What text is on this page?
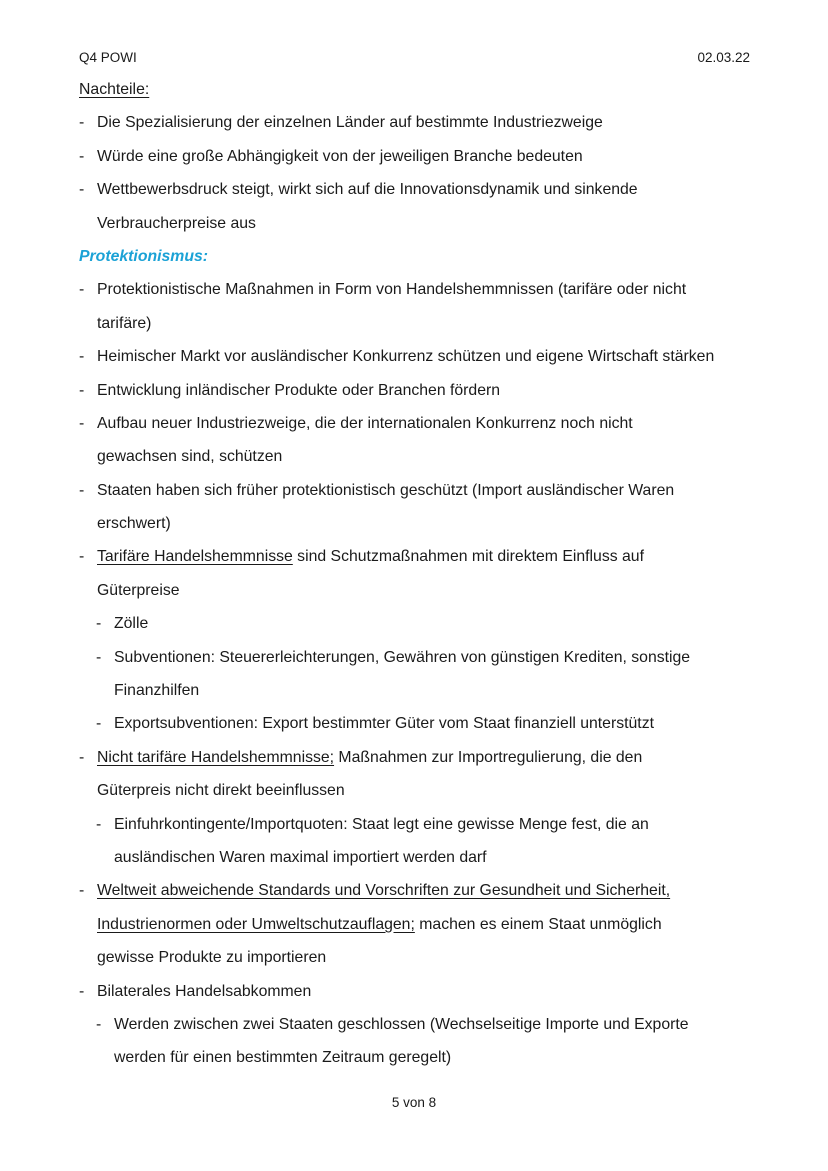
Q4 POWI	02.03.22
Nachteile:
- Die Spezialisierung der einzelnen Länder auf bestimmte Industriezweige
- Würde eine große Abhängigkeit von der jeweiligen Branche bedeuten
- Wettbewerbsdruck steigt, wirkt sich auf die Innovationsdynamik und sinkende
Verbraucherpreise aus
Protektionismus:
- Protektionistische Maßnahmen in Form von Handelshemmnissen (tarifäre oder nicht
tarifäre)
- Heimischer Markt vor ausländischer Konkurrenz schützen und eigene Wirtschaft stärken
- Entwicklung inländischer Produkte oder Branchen fördern
- Aufbau neuer Industriezweige, die der internationalen Konkurrenz noch nicht
gewachsen sind, schützen
- Staaten haben sich früher protektionistisch geschützt (Import ausländischer Waren
erschwert)
- Tarifäre Handelshemmnisse sind Schutzmaßnahmen mit direktem Einfluss auf
Güterpreise
- Zölle
- Subventionen: Steuererleichterungen, Gewähren von günstigen Krediten, sonstige
Finanzhilfen
- Exportsubventionen: Export bestimmter Güter vom Staat finanziell unterstützt
- Nicht tarifäre Handelshemmnisse; Maßnahmen zur Importregulierung, die den
Güterpreis nicht direkt beeinflussen
- Einfuhrkontingente/Importquoten: Staat legt eine gewisse Menge fest, die an
ausländischen Waren maximal importiert werden darf
- Weltweit abweichende Standards und Vorschriften zur Gesundheit und Sicherheit,
Industrienormen oder Umweltschutzauflagen; machen es einem Staat unmöglich
gewisse Produkte zu importieren
- Bilaterales Handelsabkommen
- Werden zwischen zwei Staaten geschlossen (Wechselseitige Importe und Exporte
werden für einen bestimmten Zeitraum geregelt)
5 von 8
